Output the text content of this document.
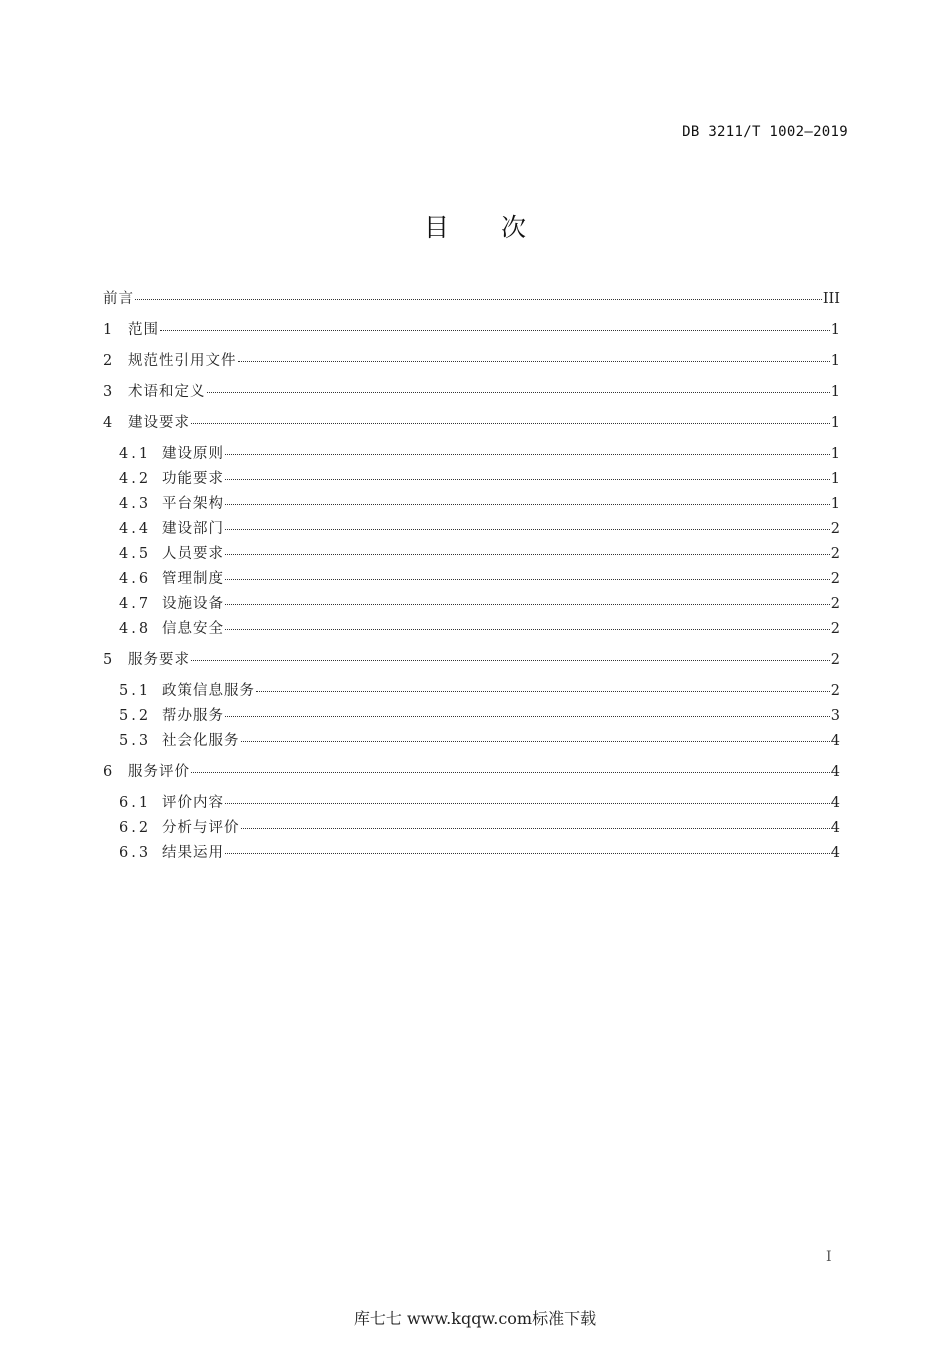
DB 3211/T 1002—2019
目次
前言	III
1	范围	1
2	规范性引用文件	1
3	术语和定义	1
4	建设要求	1
4.1 建设原则	1
4.2 功能要求	1
4.3 平台架构	1
4.4 建设部门	2
4.5 人员要求	2
4.6 管理制度	2
4.7 设施设备	2
4.8 信息安全	2
5	服务要求	2
5.1 政策信息服务	2
5.2 帮办服务	3
5.3 社会化服务	4
6	服务评价	4
6.1 评价内容	4
6.2 分析与评价	4
6.3 结果运用	4
I
库七七 www.kqqw.com标准下载
